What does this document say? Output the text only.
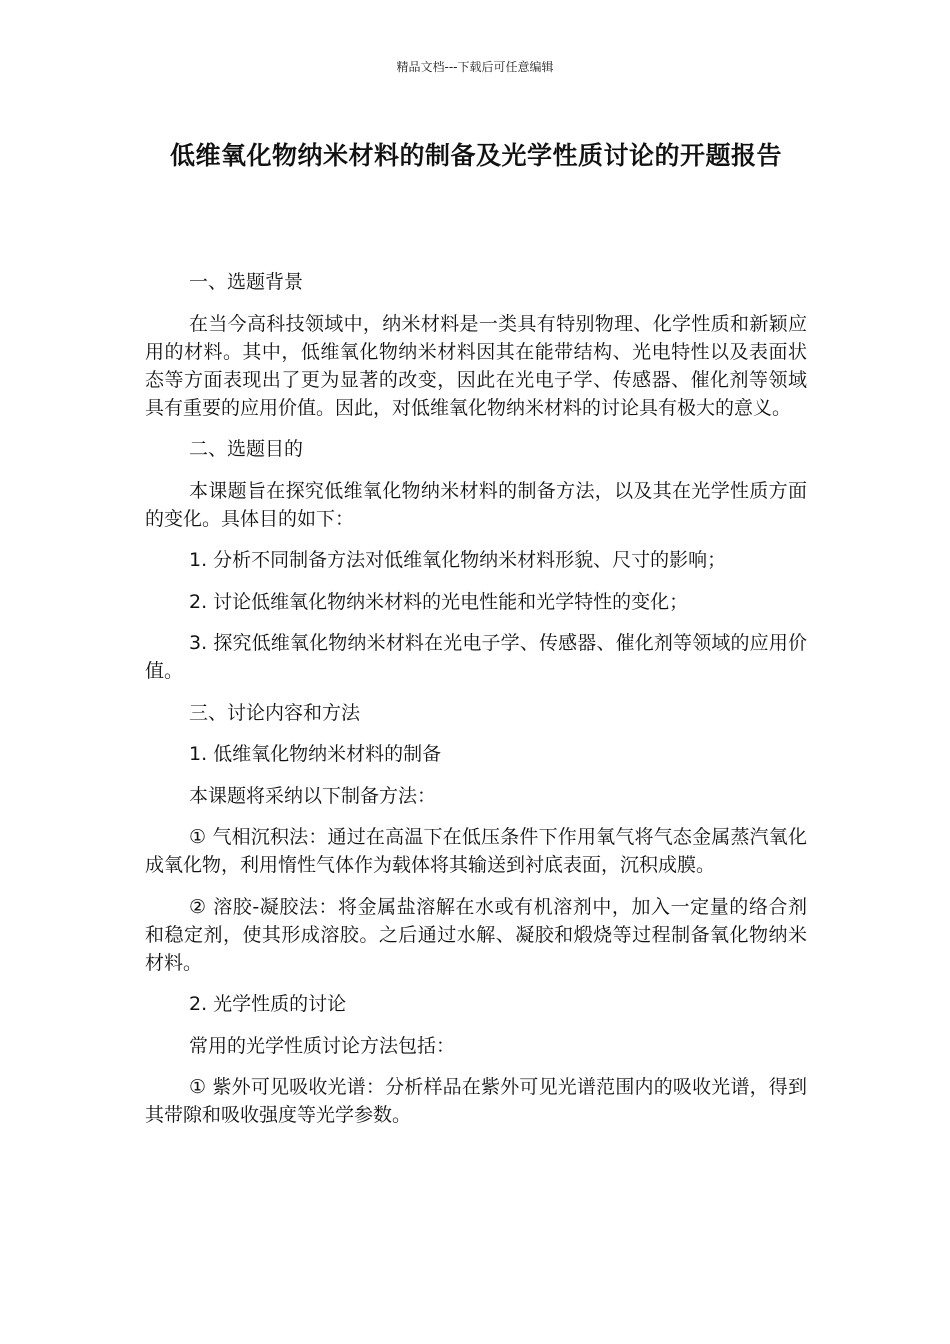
精品文档---下载后可任意编辑
低维氧化物纳米材料的制备及光学性质讨论的开题报告

一、选题背景

在当今高科技领域中，纳米材料是一类具有特别物理、化学性质和新颖应用的材料。其中，低维氧化物纳米材料因其在能带结构、光电特性以及表面状态等方面表现出了更为显著的改变，因此在光电子学、传感器、催化剂等领域具有重要的应用价值。因此，对低维氧化物纳米材料的讨论具有极大的意义。

二、选题目的

本课题旨在探究低维氧化物纳米材料的制备方法，以及其在光学性质方面的变化。具体目的如下：

1. 分析不同制备方法对低维氧化物纳米材料形貌、尺寸的影响；

2. 讨论低维氧化物纳米材料的光电性能和光学特性的变化；

3. 探究低维氧化物纳米材料在光电子学、传感器、催化剂等领域的应用价值。

三、讨论内容和方法

1. 低维氧化物纳米材料的制备

本课题将采纳以下制备方法：

① 气相沉积法：通过在高温下在低压条件下作用氧气将气态金属蒸汽氧化成氧化物，利用惰性气体作为载体将其输送到衬底表面，沉积成膜。

② 溶胶-凝胶法：将金属盐溶解在水或有机溶剂中，加入一定量的络合剂和稳定剂，使其形成溶胶。之后通过水解、凝胶和煅烧等过程制备氧化物纳米材料。

2. 光学性质的讨论

常用的光学性质讨论方法包括：

① 紫外可见吸收光谱：分析样品在紫外可见光谱范围内的吸收光谱，得到其带隙和吸收强度等光学参数。
